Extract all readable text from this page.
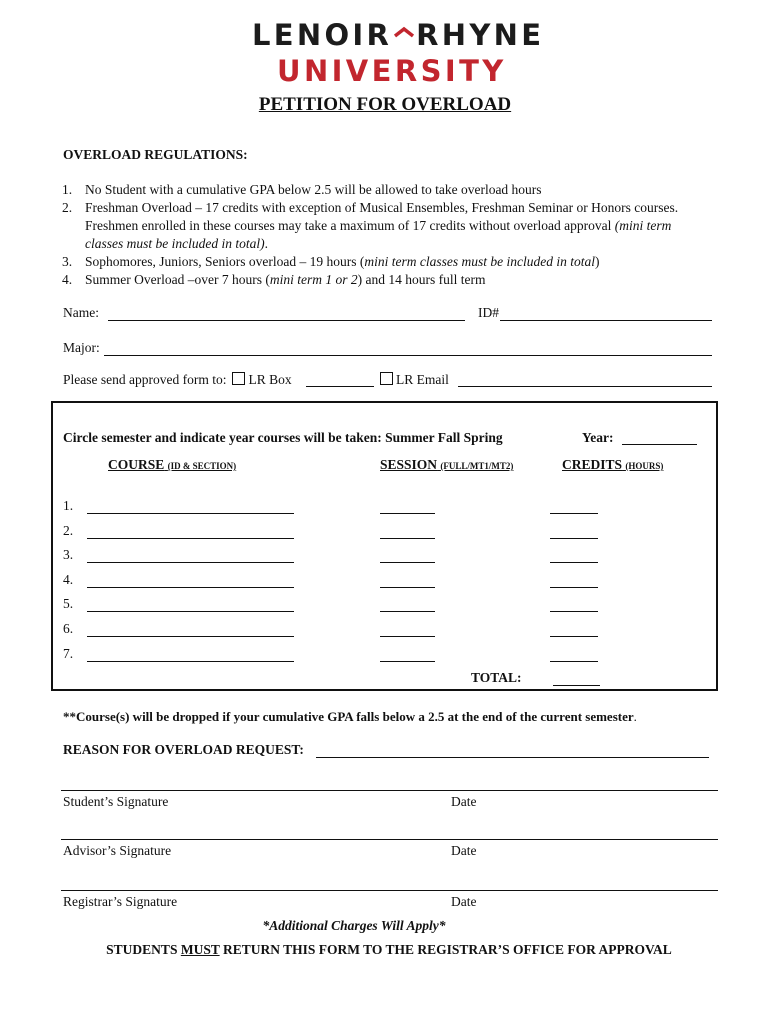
LENOIR RHYNE
UNIVERSITY
PETITION FOR OVERLOAD
OVERLOAD REGULATIONS:
1. No Student with a cumulative GPA below 2.5 will be allowed to take overload hours
2. Freshman Overload – 17 credits with exception of Musical Ensembles, Freshman Seminar or Honors courses. Freshmen enrolled in these courses may take a maximum of 17 credits without overload approval (mini term classes must be included in total).
3. Sophomores, Juniors, Seniors overload – 19 hours (mini term classes must be included in total)
4. Summer Overload –over 7 hours (mini term 1 or 2) and 14 hours full term
Name:	ID#
Major:
Please send approved form to: LR Box	LR Email
Circle semester and indicate year courses will be taken: Summer Fall Spring	Year:
COURSE (ID & SECTION)	SESSION (FULL/MT1/MT2)	CREDITS (HOURS)
1.
2.
3.
4.
5.
6.
7.
TOTAL:
**Course(s) will be dropped if your cumulative GPA falls below a 2.5 at the end of the current semester.
REASON FOR OVERLOAD REQUEST:
Student’s Signature	Date
Advisor’s Signature	Date
Registrar’s Signature	Date
*Additional Charges Will Apply*
STUDENTS MUST RETURN THIS FORM TO THE REGISTRAR’S OFFICE FOR APPROVAL
